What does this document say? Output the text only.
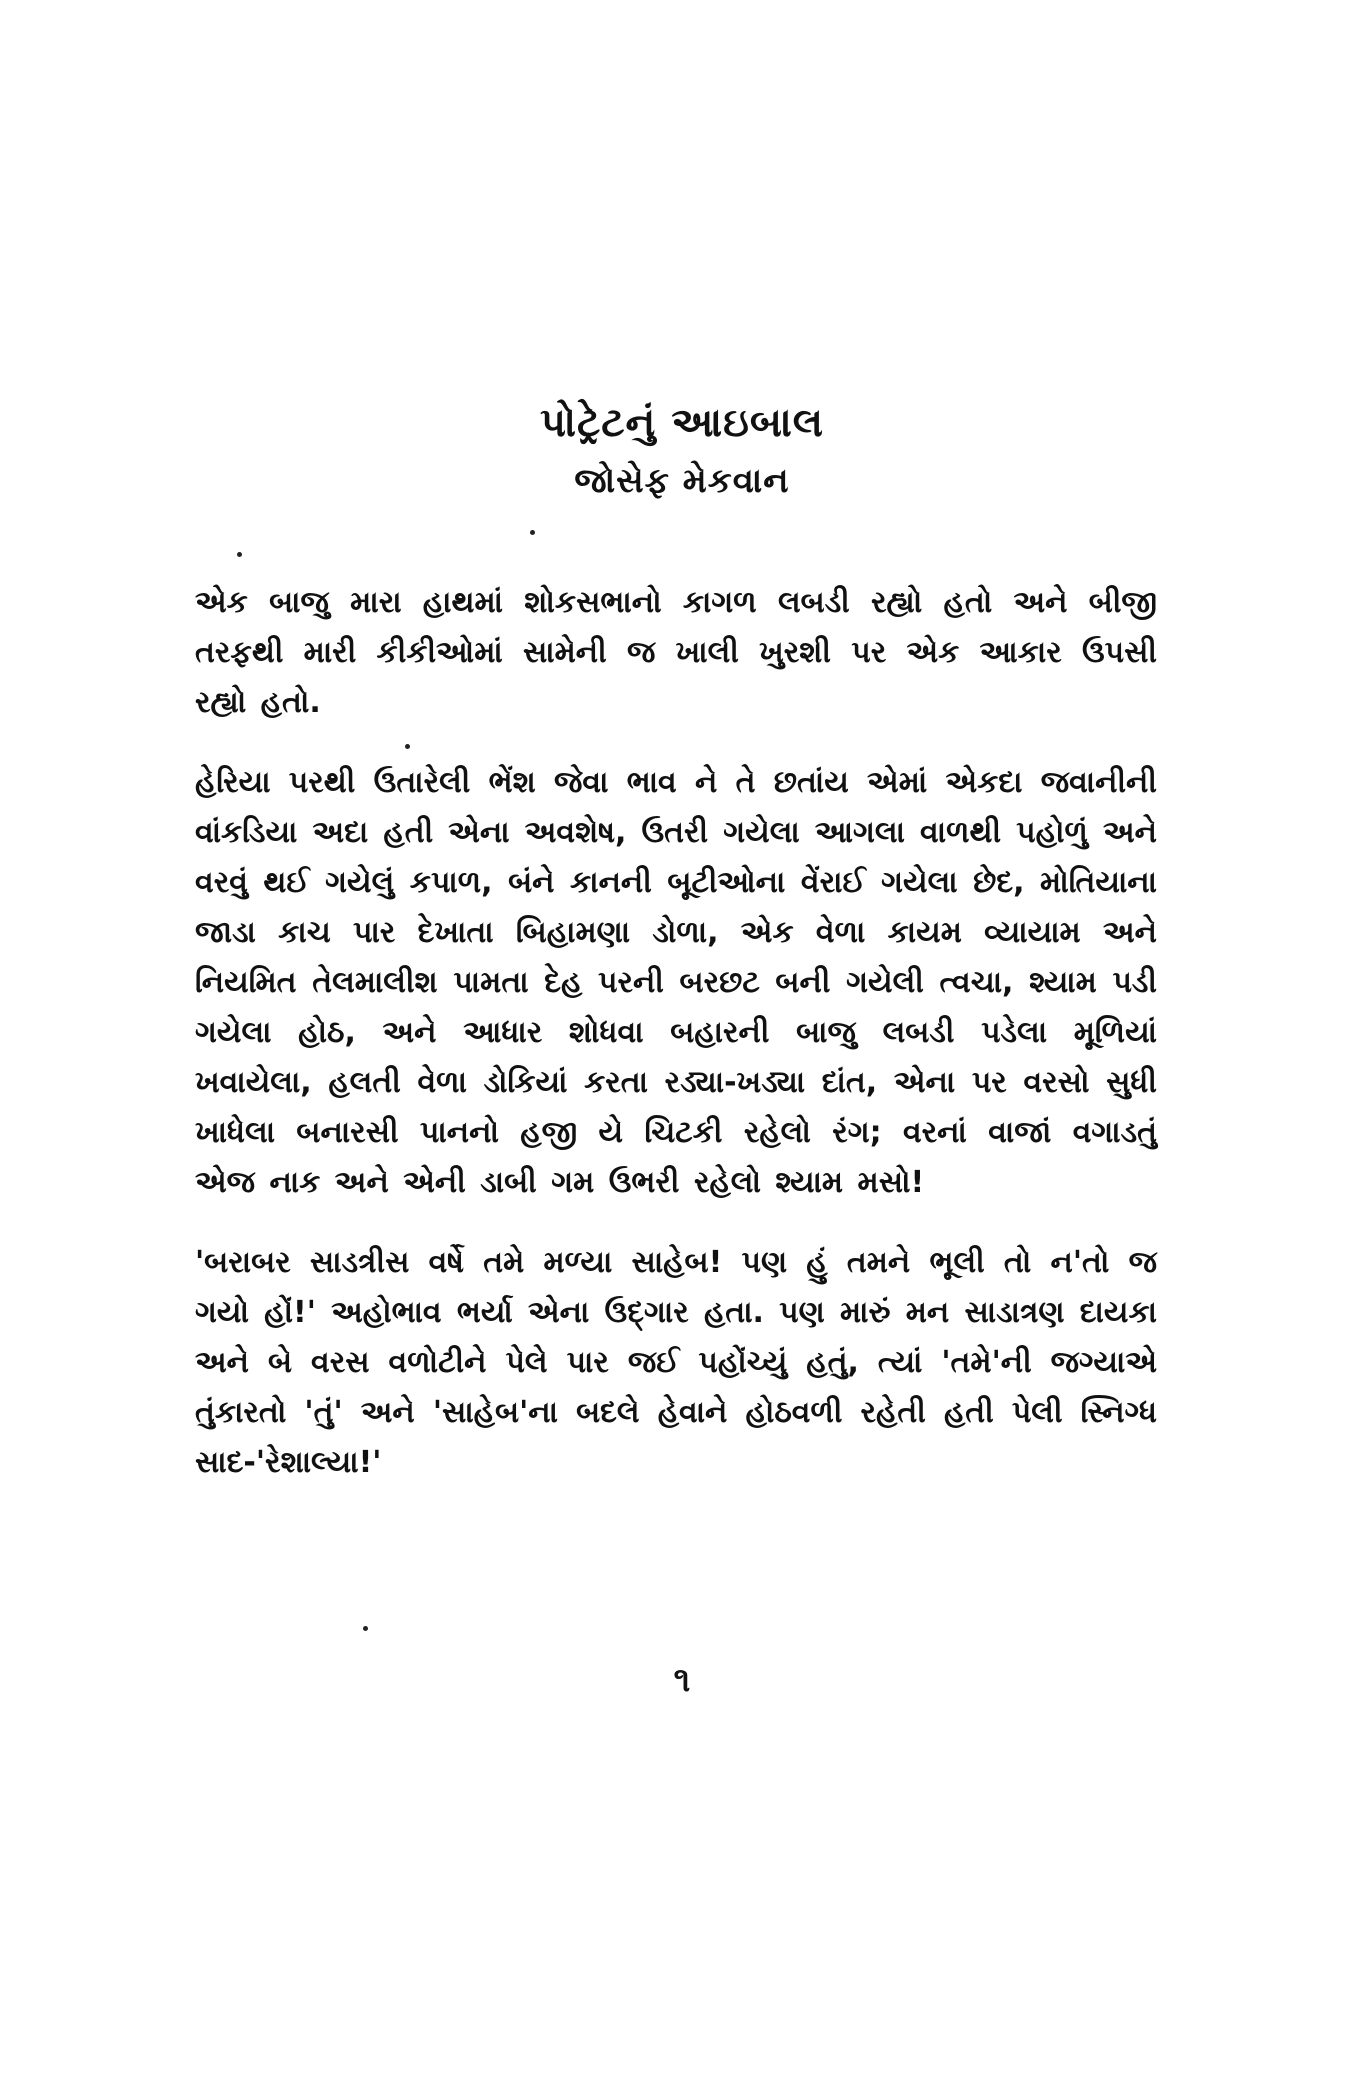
પોટ્રેટનું આઇબાલ
જોસેફ મેકવાન

એક બાજુ મારા હાથમાં શોકસભાનો કાગળ લબડી રહ્યો હતો અને બીજી તરફથી મારી કીકીઓમાં સામેની જ ખાલી ખુરશી પર એક આકાર ઉપસી રહ્યો હતો.

હેરિયા પરથી ઉતારેલી ભેંશ જેવા ભાવ ને તે છતાંય એમાં એકદા જવાનીની વાંકડિયા અદા હતી એના અવશેષ, ઉતરી ગયેલા આગલા વાળથી પહોળું અને વરવું થઈ ગયેલું કપાળ, બંને કાનની બૂટીઓના વેંરાઈ ગયેલા છેદ, મોતિયાના જાડા કાચ પાર દેખાતા બિહામણા ડોળા, એક વેળા કાયમ વ્યાયામ અને નિયમિત તેલમાલીશ પામતા દેહ પરની બરછટ બની ગયેલી ત્વચા, શ્યામ પડી ગયેલા હોઠ, અને આધાર શોધવા બહારની બાજુ લબડી પડેલા મૂળિયાં ખવાયેલા, હલતી વેળા ડોકિયાં કરતા રડ્યા-ખડ્યા દાંત, એના પર વરસો સુધી ખાધેલા બનારસી પાનનો હજી યે ચિટકી રહેલો રંગ; વરનાં વાજાં વગાડતું એજ નાક અને એની ડાબી ગમ ઉભરી રહેલો શ્યામ મસો!

'બરાબર સાડત્રીસ વર્ષે તમે મળ્યા સાહેબ! પણ હું તમને ભૂલી તો ન'તો જ ગયો હોં!' અહોભાવ ભર્યા એના ઉદ્ગાર હતા. પણ મારું મન સાડાત્રણ દાયકા અને બે વરસ વળોટીને પેલે પાર જઈ પહોંચ્યું હતું, ત્યાં 'તમે'ની જગ્યાએ તુંકારતો 'તું' અને 'સાહેબ'ના બદલે હેવાને હોઠવળી રહેતી હતી પેલી સ્નિગ્ધ સાદ-'રેશાલ્યા!'

૧
